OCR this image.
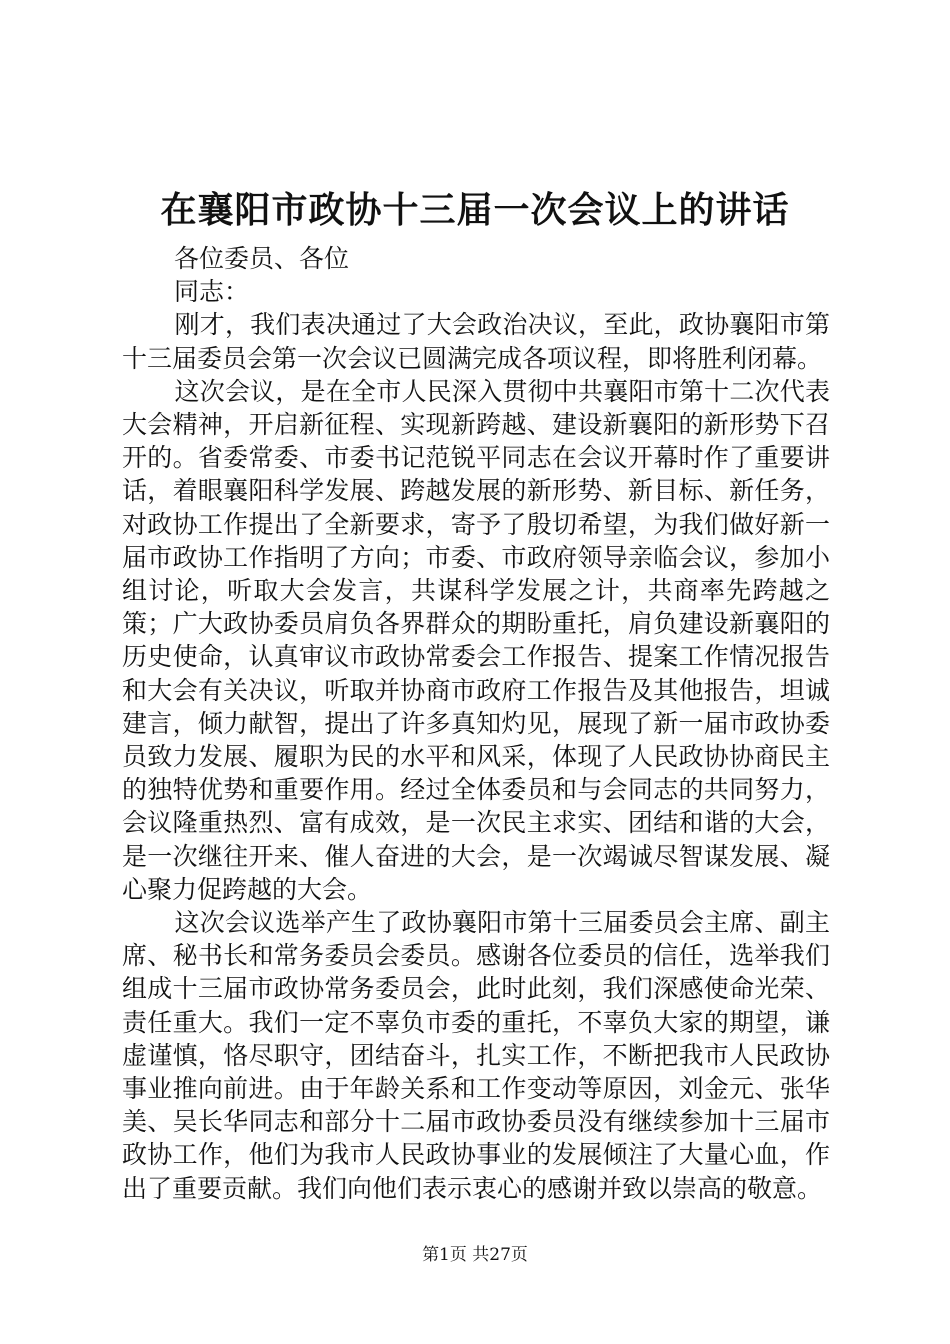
在襄阳市政协十三届一次会议上的讲话

各位委员、各位

同志：

刚才，我们表决通过了大会政治决议，至此，政协襄阳市第十三届委员会第一次会议已圆满完成各项议程，即将胜利闭幕。

这次会议，是在全市人民深入贯彻中共襄阳市第十二次代表大会精神，开启新征程、实现新跨越、建设新襄阳的新形势下召开的。省委常委、市委书记范锐平同志在会议开幕时作了重要讲话，着眼襄阳科学发展、跨越发展的新形势、新目标、新任务，对政协工作提出了全新要求，寄予了殷切希望，为我们做好新一届市政协工作指明了方向；市委、市政府领导亲临会议，参加小组讨论，听取大会发言，共谋科学发展之计，共商率先跨越之策；广大政协委员肩负各界群众的期盼重托，肩负建设新襄阳的历史使命，认真审议市政协常委会工作报告、提案工作情况报告和大会有关决议，听取并协商市政府工作报告及其他报告，坦诚建言，倾力献智，提出了许多真知灼见，展现了新一届市政协委员致力发展、履职为民的水平和风采，体现了人民政协协商民主的独特优势和重要作用。经过全体委员和与会同志的共同努力，会议隆重热烈、富有成效，是一次民主求实、团结和谐的大会，是一次继往开来、催人奋进的大会，是一次竭诚尽智谋发展、凝心聚力促跨越的大会。

这次会议选举产生了政协襄阳市第十三届委员会主席、副主席、秘书长和常务委员会委员。感谢各位委员的信任，选举我们组成十三届市政协常务委员会，此时此刻，我们深感使命光荣、责任重大。我们一定不辜负市委的重托，不辜负大家的期望，谦虚谨慎，恪尽职守，团结奋斗，扎实工作，不断把我市人民政协事业推向前进。由于年龄关系和工作变动等原因，刘金元、张华美、吴长华同志和部分十二届市政协委员没有继续参加十三届市政协工作，他们为我市人民政协事业的发展倾注了大量心血，作出了重要贡献。我们向他们表示衷心的感谢并致以崇高的敬意。

第1页 共27页
